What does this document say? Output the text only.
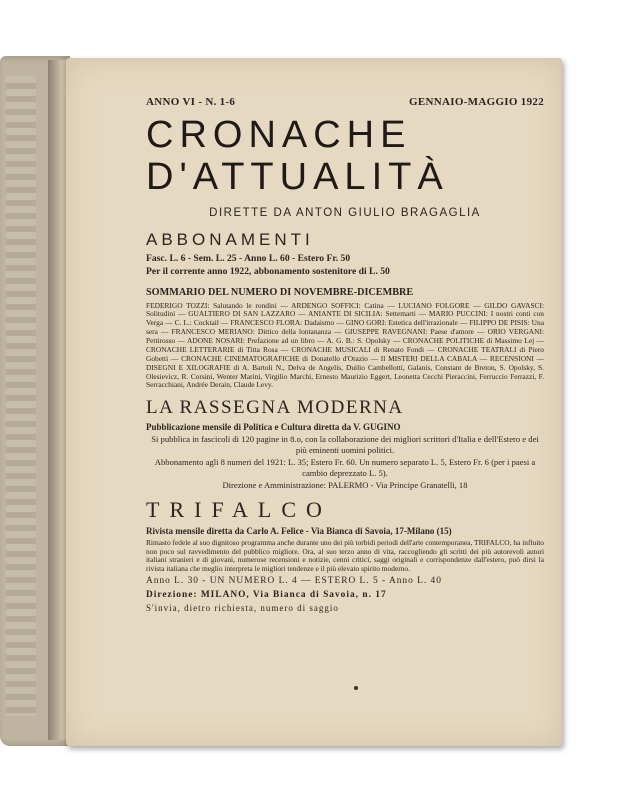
ANNO VI - N. 1-6	GENNAIO-MAGGIO 1922
CRONACHE
D'ATTUALITÀ
DIRETTE DA ANTON GIULIO BRAGAGLIA
ABBONAMENTI

Fasc. L. 6 - Sem. L. 25 - Anno L. 60 - Estero Fr. 50

Per il corrente anno 1922, abbonamento sostenitore di L. 50

SOMMARIO DEL NUMERO DI NOVEMBRE-DICEMBRE

FEDERIGO TOZZI: Salutando le rondini — ARDENGO SOFFICI: Catina — LUCIANO FOLGORE — GILDO GAVASCI: Solitudini — GUALTIERO DI SAN LAZZARO — ANIANTE DI SICILIA: Settemarti — MARIO PUCCINI: I nostri conti con Verga — C. L.: Cocktail — FRANCESCO FLORA: Dadaismo — GINO GORI: Estetica dell'irrazionale — FILIPPO DE PISIS: Una sera — FRANCESCO MERIANO: Dittico della lontananza — GIUSEPPE RAVEGNANI: Paese d'amore — ORIO VERGANI: Pettirosso — ADONE NOSARI: Prefazione ad un libro — A. G. B.: S. Opolsky — CRONACHE POLITICHE di Massimo Lej — CRONACHE LETTERARIE di Titta Rosa — CRONACHE MUSICALI di Renato Fondi — CRONACHE TEATRALI di Piero Gobetti — CRONACHE CINEMATOGRAFICHE di Donatello d'Orazio — Il MISTERI DELLA CABALA — RECENSIONI — DISEGNI E XILOGRAFIE di A. Bartoli N., Delva de Angelis, Duilio Cambellotti, Galanis, Constant de Breton, S. Opolsky, S. Olesievicz, R. Corsini, Wenter Marini, Virgilio Marchi, Ernesto Maurizio Eggert, Leonetta Cecchi Pieraccini, Ferruccio Ferrazzi, F. Serracchiani, Andrée Derain, Claude Levy.

LA RASSEGNA MODERNA

Pubblicazione mensile di Politica e Cultura diretta da V. GUGINO

Si pubblica in fascicoli di 120 pagine in 8.o, con la collaborazione dei migliori scrittori d'Italia e dell'Estero e dei più eminenti uomini politici.

Abbonamento agli 8 numeri del 1921: L. 35; Estero Fr. 60. Un numero separato L. 5, Estero Fr. 6 (per i paesi a cambio deprezzato L. 5).

Direzione e Amministrazione: PALERMO - Via Principe Granatelli, 18

TRIFALCO

Rivista mensile diretta da Carlo A. Felice - Via Bianca di Savoia, 17-Milano (15)

Rimasto fedele al suo dignitoso programma anche durante uno dei più torbidi periodi dell'arte contemporanea, TRIFALCO, ha influito non poco sul ravvedimento del pubblico migliore. Ora, al suo terzo anno di vita, raccogliendo gli scritti dei più autorevoli autori italiani stranieri e di giovani, numerose recensioni e notizie, cenni critici, saggi originali e corrispondenze dall'estero, può dirsi la rivista italiana che meglio interpreta le migliori tendenze e il più elevato spirito moderno.

Anno L. 30 - UN NUMERO L. 4 — ESTERO L. 5 - Anno L. 40

Direzione: MILANO, Via Bianca di Savoia, n. 17

S'invia, dietro richiesta, numero di saggio
